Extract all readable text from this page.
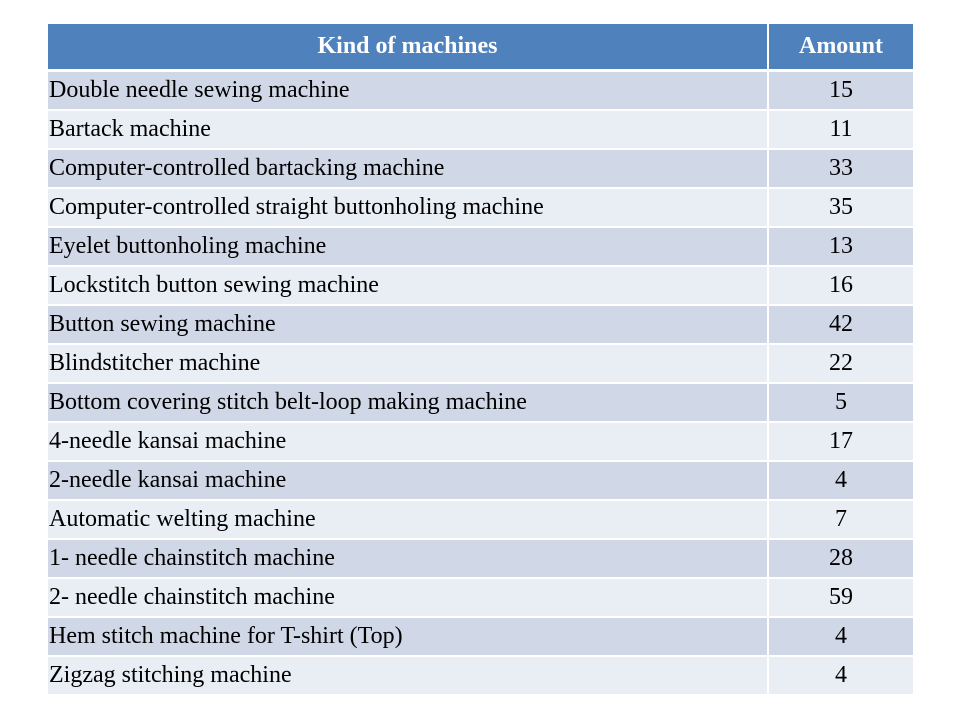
Kind of machines	Amount
Double needle sewing machine	15
Bartack machine	11
Computer-controlled bartacking machine	33
Computer-controlled straight buttonholing machine	35
Eyelet buttonholing machine	13
Lockstitch button sewing machine	16
Button sewing machine	42
Blindstitcher machine	22
Bottom covering stitch belt-loop making machine	5
4-needle kansai machine	17
2-needle kansai machine	4
Automatic welting machine	7
1- needle chainstitch machine	28
2- needle chainstitch machine	59
Hem stitch machine for T-shirt (Top)	4
Zigzag stitching machine	4
